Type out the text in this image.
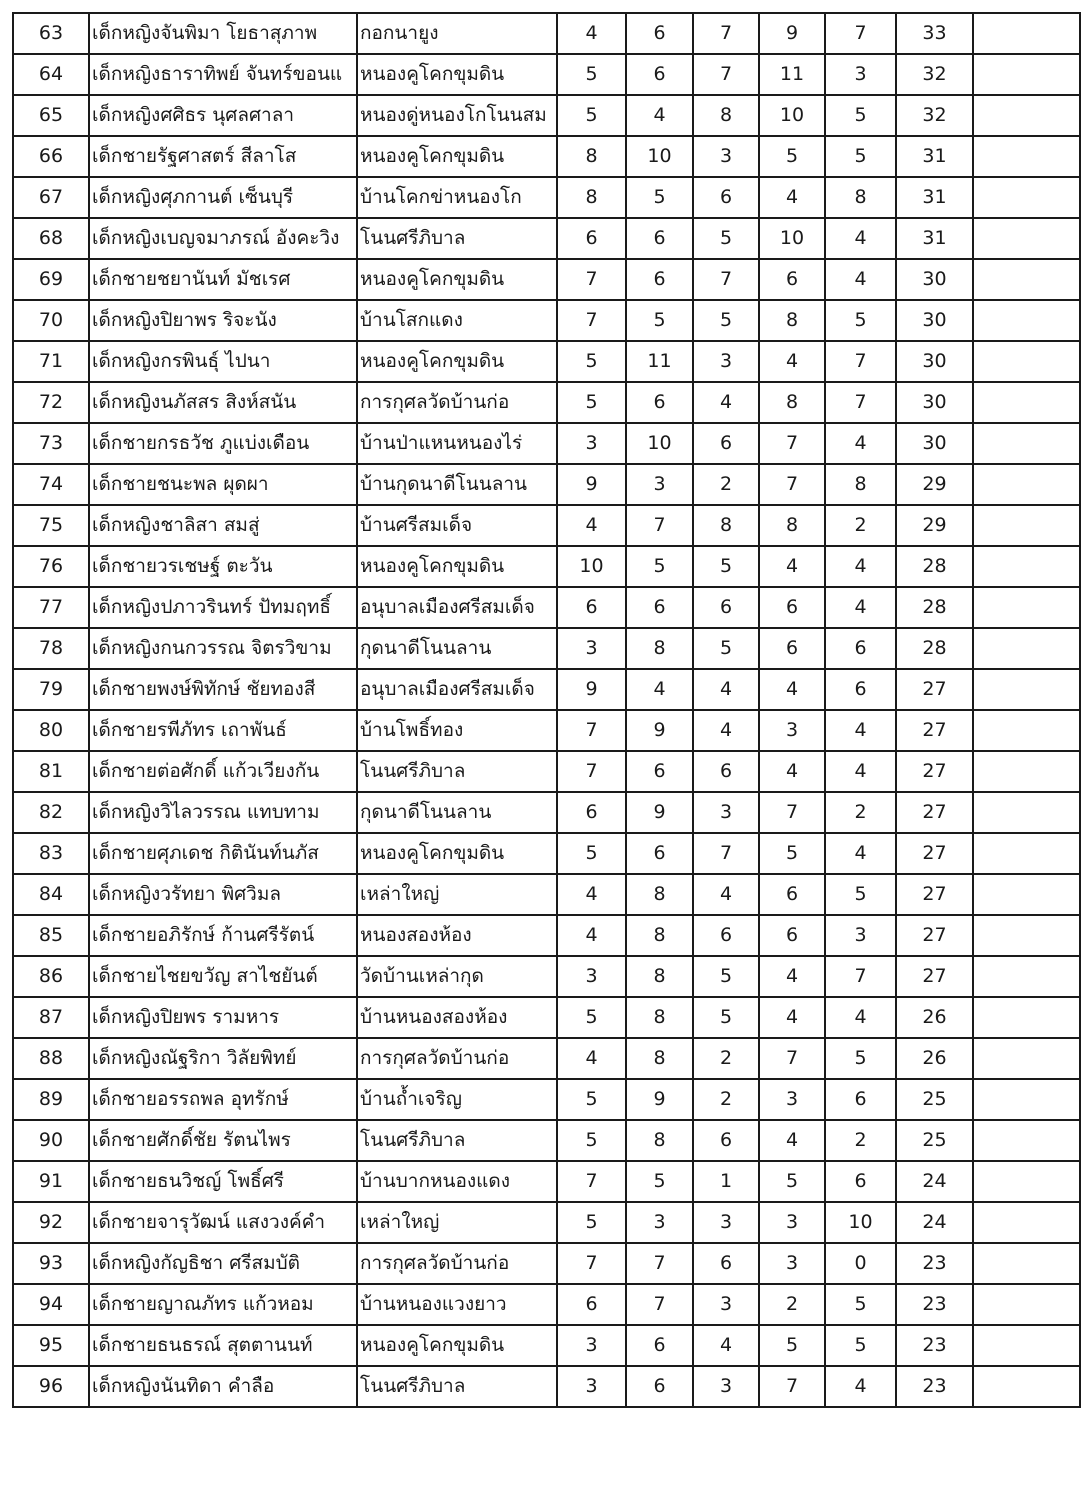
63	เด็กหญิงจันพิมา โยธาสุภาพ	กอกนายูง	4	6	7	9	7	33	
64	เด็กหญิงธาราทิพย์ จันทร์ขอนแ	หนองคูโคกขุมดิน	5	6	7	11	3	32	
65	เด็กหญิงศศิธร นุศลศาลา	หนองดู่หนองโกโนนสม	5	4	8	10	5	32	
66	เด็กชายรัฐศาสตร์ สีลาโส	หนองคูโคกขุมดิน	8	10	3	5	5	31	
67	เด็กหญิงศุภกานต์ เซ็นบุรี	บ้านโคกข่าหนองโก	8	5	6	4	8	31	
68	เด็กหญิงเบญจมาภรณ์ อังคะวิง	โนนศรีภิบาล	6	6	5	10	4	31	
69	เด็กชายชยานันท์ มัชเรศ	หนองคูโคกขุมดิน	7	6	7	6	4	30	
70	เด็กหญิงปิยาพร ริจะนัง	บ้านโสกแดง	7	5	5	8	5	30	
71	เด็กหญิงกรพินธุ์ ไปนา	หนองคูโคกขุมดิน	5	11	3	4	7	30	
72	เด็กหญิงนภัสสร สิงห์สนัน	การกุศลวัดบ้านก่อ	5	6	4	8	7	30	
73	เด็กชายกรธวัช ภูแบ่งเดือน	บ้านป่าแหนหนองไร่	3	10	6	7	4	30	
74	เด็กชายชนะพล ผุดผา	บ้านกุดนาดีโนนลาน	9	3	2	7	8	29	
75	เด็กหญิงชาลิสา สมสู่	บ้านศรีสมเด็จ	4	7	8	8	2	29	
76	เด็กชายวรเชษฐ์ ตะวัน	หนองคูโคกขุมดิน	10	5	5	4	4	28	
77	เด็กหญิงปภาวรินทร์ ปัทมฤทธิ์	อนุบาลเมืองศรีสมเด็จ	6	6	6	6	4	28	
78	เด็กหญิงกนกวรรณ จิตรวิขาม	กุดนาดีโนนลาน	3	8	5	6	6	28	
79	เด็กชายพงษ์พิทักษ์ ชัยทองสี	อนุบาลเมืองศรีสมเด็จ	9	4	4	4	6	27	
80	เด็กชายรพีภัทร เถาพันธ์	บ้านโพธิ์ทอง	7	9	4	3	4	27	
81	เด็กชายต่อศักดิ์ แก้วเวียงกัน	โนนศรีภิบาล	7	6	6	4	4	27	
82	เด็กหญิงวิไลวรรณ แทบทาม	กุดนาดีโนนลาน	6	9	3	7	2	27	
83	เด็กชายศุภเดช กิตินันท์นภัส	หนองคูโคกขุมดิน	5	6	7	5	4	27	
84	เด็กหญิงวรัทยา พิศวิมล	เหล่าใหญ่	4	8	4	6	5	27	
85	เด็กชายอภิรักษ์ ก้านศรีรัตน์	หนองสองห้อง	4	8	6	6	3	27	
86	เด็กชายไชยขวัญ สาไชยันต์	วัดบ้านเหล่ากุด	3	8	5	4	7	27	
87	เด็กหญิงปิยพร รามหาร	บ้านหนองสองห้อง	5	8	5	4	4	26	
88	เด็กหญิงณัฐริกา วิลัยพิทย์	การกุศลวัดบ้านก่อ	4	8	2	7	5	26	
89	เด็กชายอรรถพล อุทรักษ์	บ้านถ้ำเจริญ	5	9	2	3	6	25	
90	เด็กชายศักดิ์ชัย รัตนไพร	โนนศรีภิบาล	5	8	6	4	2	25	
91	เด็กชายธนวิชญ์ โพธิ์ศรี	บ้านบากหนองแดง	7	5	1	5	6	24	
92	เด็กชายจารุวัฒน์ แสงวงค์คำ	เหล่าใหญ่	5	3	3	3	10	24	
93	เด็กหญิงกัญธิชา ศรีสมบัติ	การกุศลวัดบ้านก่อ	7	7	6	3	0	23	
94	เด็กชายญาณภัทร แก้วหอม	บ้านหนองแวงยาว	6	7	3	2	5	23	
95	เด็กชายธนธรณ์ สุตตานนท์	หนองคูโคกขุมดิน	3	6	4	5	5	23	
96	เด็กหญิงนันทิดา คำลือ	โนนศรีภิบาล	3	6	3	7	4	23	
